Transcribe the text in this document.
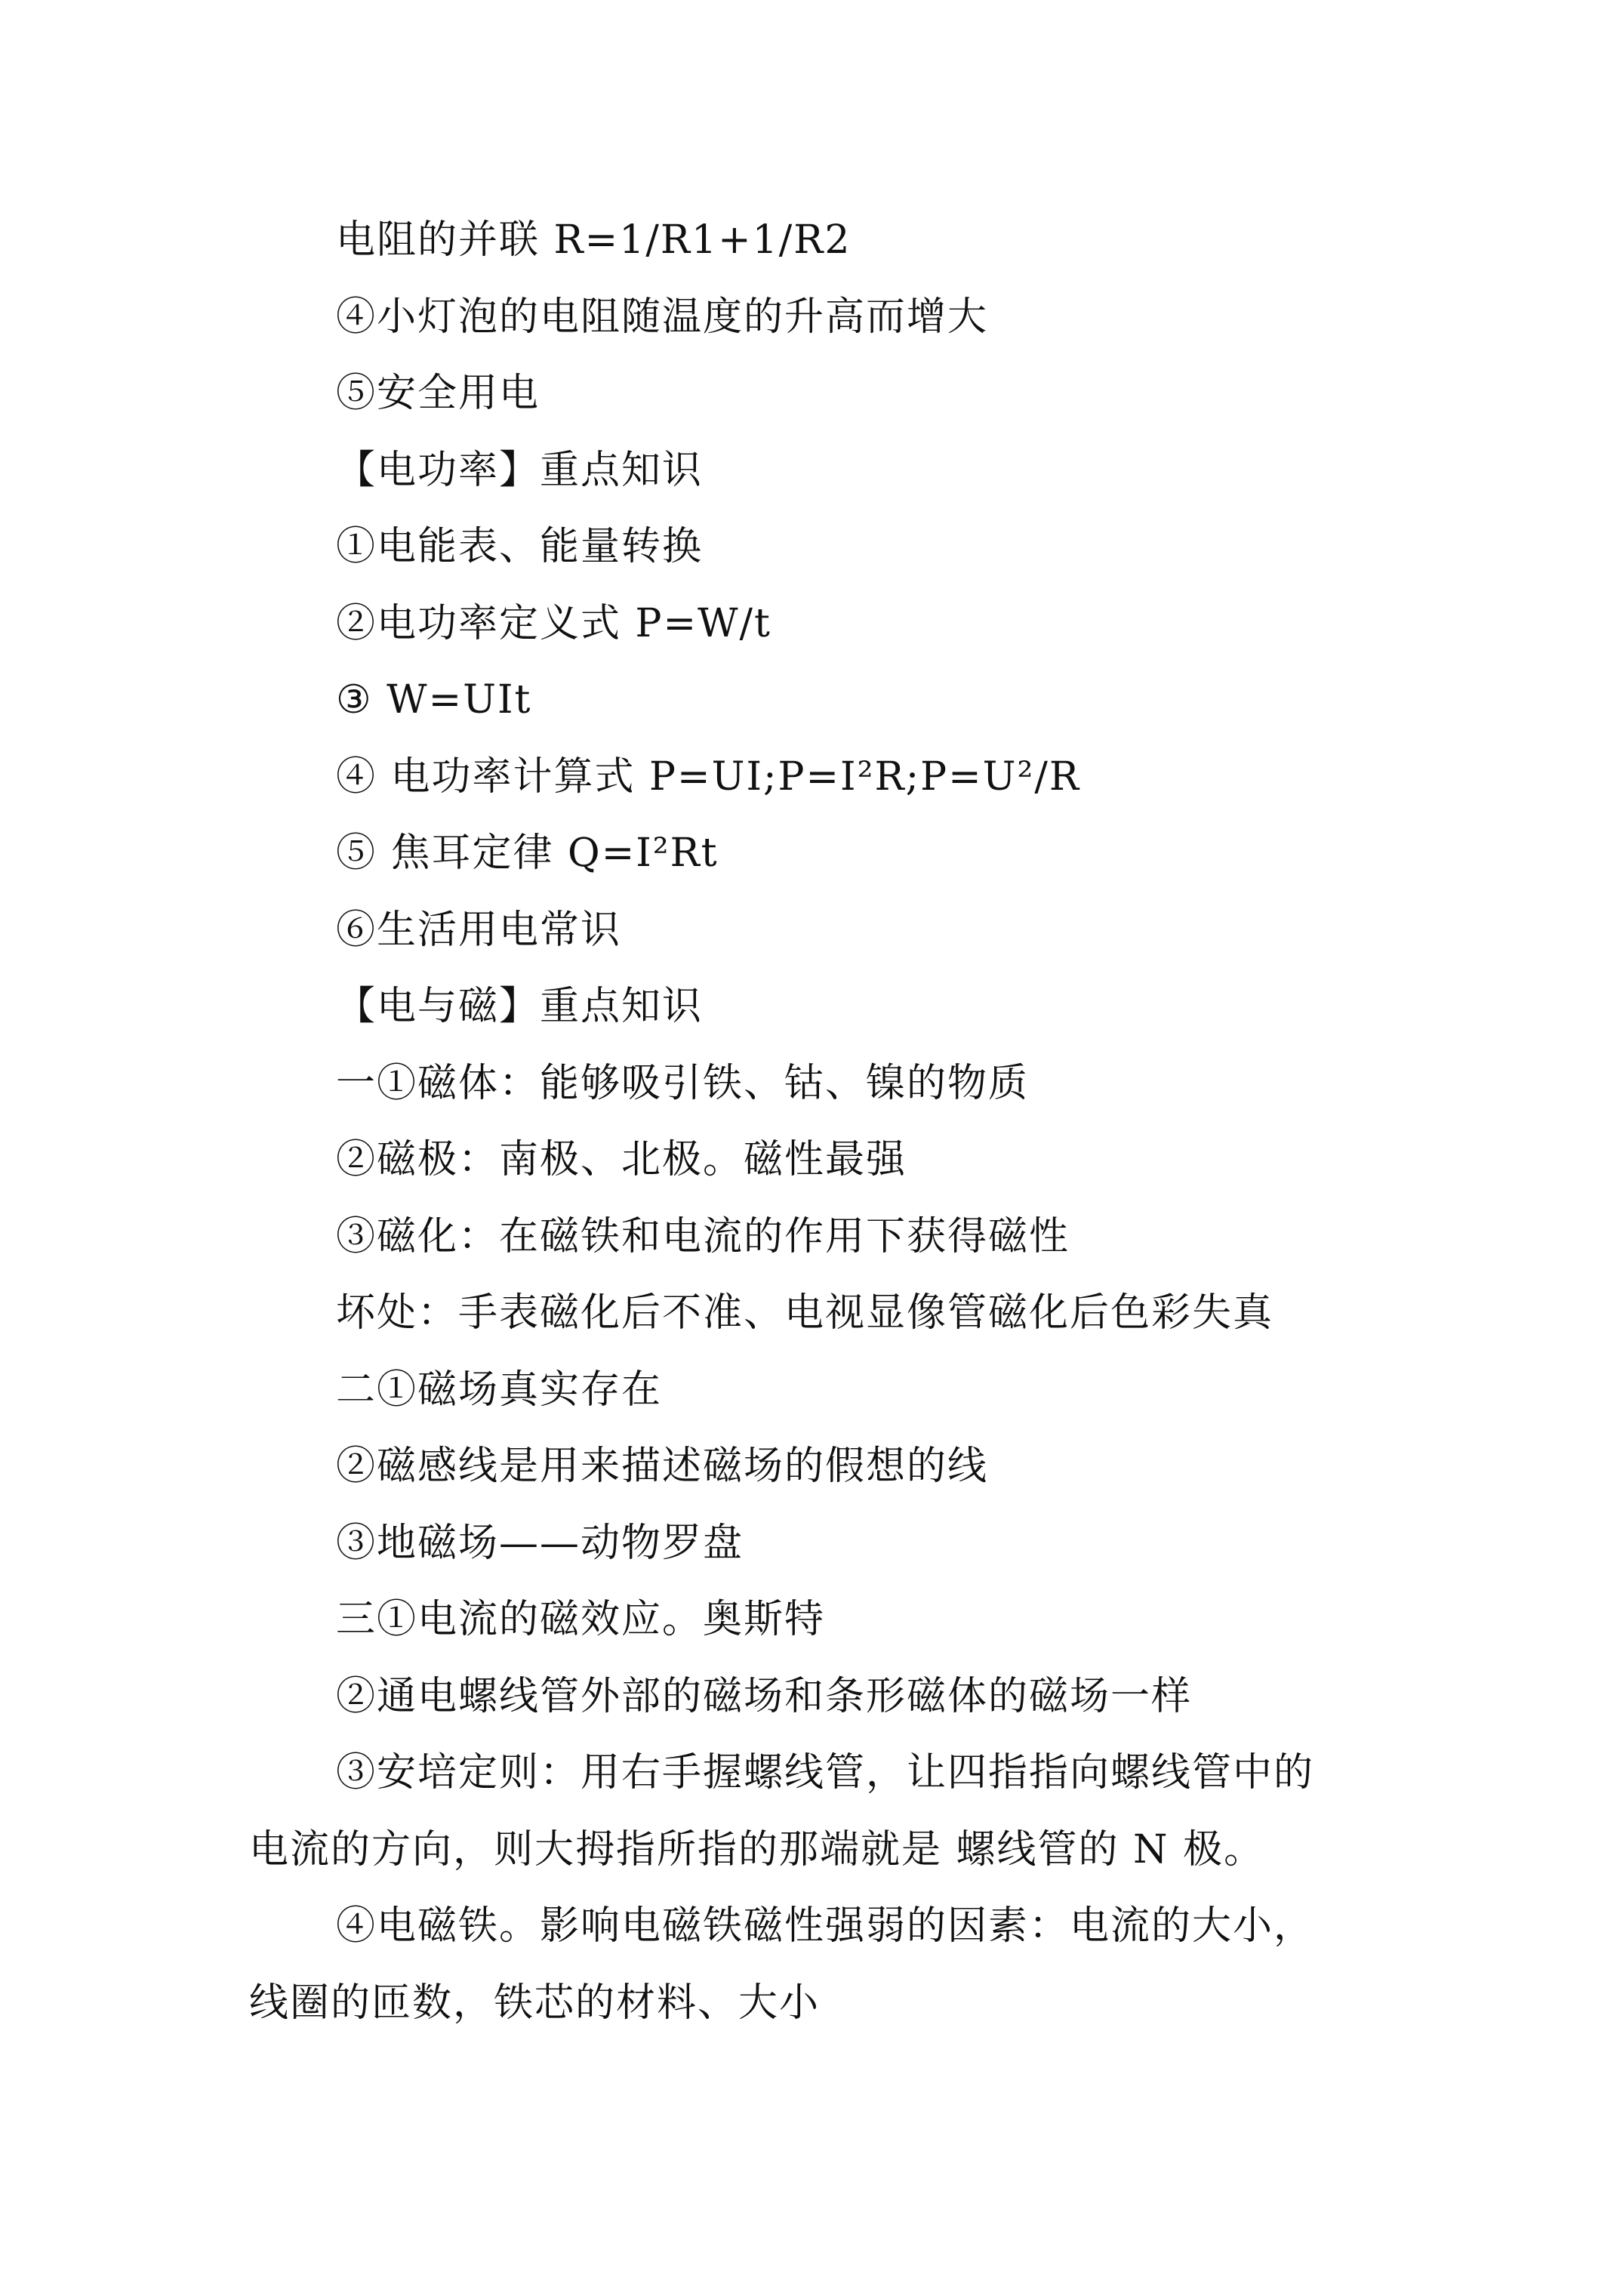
电阻的并联 R=1/R1+1/R2
④小灯泡的电阻随温度的升高而增大
⑤安全用电
【电功率】重点知识
①电能表、能量转换
②电功率定义式 P=W/t
③ W=UIt
④ 电功率计算式 P=UI;P=I²R;P=U²/R
⑤ 焦耳定律 Q=I²Rt
⑥生活用电常识
【电与磁】重点知识
一①磁体：能够吸引铁、钴、镍的物质
②磁极：南极、北极。磁性最强
③磁化：在磁铁和电流的作用下获得磁性
坏处：手表磁化后不准、电视显像管磁化后色彩失真
二①磁场真实存在
②磁感线是用来描述磁场的假想的线
③地磁场——动物罗盘
三①电流的磁效应。奥斯特
②通电螺线管外部的磁场和条形磁体的磁场一样
③安培定则：用右手握螺线管，让四指指向螺线管中的
电流的方向，则大拇指所指的那端就是 螺线管的 N 极。
④电磁铁。影响电磁铁磁性强弱的因素：电流的大小，
线圈的匝数，铁芯的材料、大小
